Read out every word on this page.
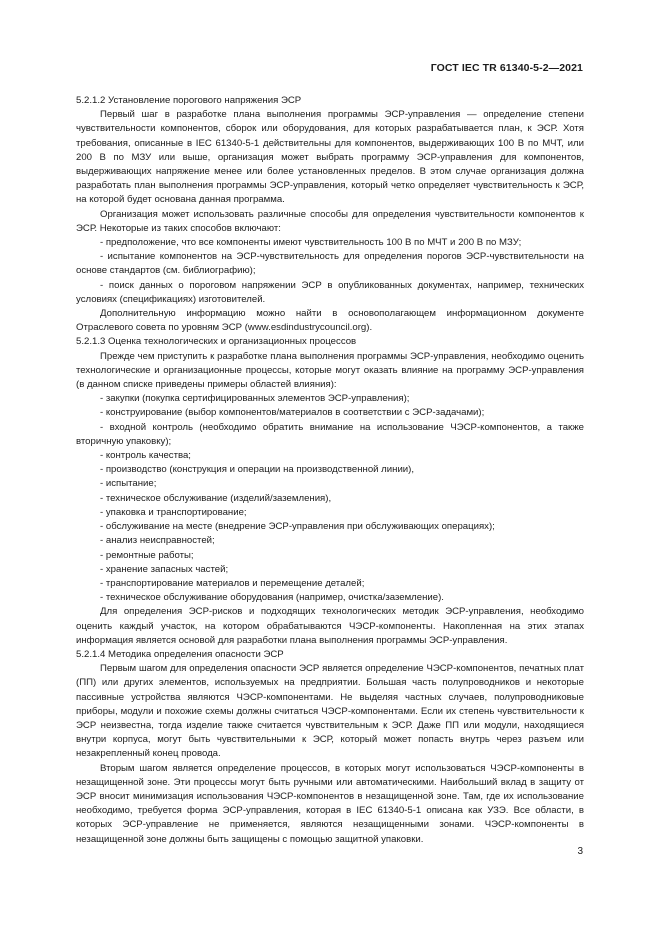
ГОСТ IEC TR 61340-5-2—2021

5.2.1.2 Установление порогового напряжения ЭСР

Первый шаг в разработке плана выполнения программы ЭСР-управления — определение степени чувствительности компонентов, сборок или оборудования, для которых разрабатывается план, к ЭСР. Хотя требования, описанные в IEC 61340-5-1 действительны для компонентов, выдерживающих 100 В по МЧТ, или 200 В по МЗУ или выше, организация может выбрать программу ЭСР-управления для компонентов, выдерживающих напряжение менее или более установленных пределов. В этом случае организация должна разработать план выполнения программы ЭСР-управления, который четко определяет чувствительность к ЭСР, на которой будет основана данная программа.

Организация может использовать различные способы для определения чувствительности компонентов к ЭСР. Некоторые из таких способов включают:

- предположение, что все компоненты имеют чувствительность 100 В по МЧТ и 200 В по МЗУ;

- испытание компонентов на ЭСР-чувствительность для определения порогов ЭСР-чувствительности на основе стандартов (см. библиографию);

- поиск данных о пороговом напряжении ЭСР в опубликованных документах, например, технических условиях (спецификациях) изготовителей.

Дополнительную информацию можно найти в основополагающем информационном документе Отраслевого совета по уровням ЭСР (www.esdindustrycouncil.org).

5.2.1.3 Оценка технологических и организационных процессов

Прежде чем приступить к разработке плана выполнения программы ЭСР-управления, необходимо оценить технологические и организационные процессы, которые могут оказать влияние на программу ЭСР-управления (в данном списке приведены примеры областей влияния):

- закупки (покупка сертифицированных элементов ЭСР-управления);

- конструирование (выбор компонентов/материалов в соответствии с ЭСР-задачами);

- входной контроль (необходимо обратить внимание на использование ЧЭСР-компонентов, а также вторичную упаковку);

- контроль качества;

- производство (конструкция и операции на производственной линии),

- испытание;

- техническое обслуживание (изделий/заземления),

- упаковка и транспортирование;

- обслуживание на месте (внедрение ЭСР-управления при обслуживающих операциях);

- анализ неисправностей;

- ремонтные работы;

- хранение запасных частей;

- транспортирование материалов и перемещение деталей;

- техническое обслуживание оборудования (например, очистка/заземление).

Для определения ЭСР-рисков и подходящих технологических методик ЭСР-управления, необходимо оценить каждый участок, на котором обрабатываются ЧЭСР-компоненты. Накопленная на этих этапах информация является основой для разработки плана выполнения программы ЭСР-управления.

5.2.1.4 Методика определения опасности ЭСР

Первым шагом для определения опасности ЭСР является определение ЧЭСР-компонентов, печатных плат (ПП) или других элементов, используемых на предприятии. Большая часть полупроводников и некоторые пассивные устройства являются ЧЭСР-компонентами. Не выделяя частных случаев, полупроводниковые приборы, модули и похожие схемы должны считаться ЧЭСР-компонентами. Если их степень чувствительности к ЭСР неизвестна, тогда изделие также считается чувствительным к ЭСР. Даже ПП или модули, находящиеся внутри корпуса, могут быть чувствительными к ЭСР, который может попасть внутрь через разъем или незакрепленный конец провода.

Вторым шагом является определение процессов, в которых могут использоваться ЧЭСР-компоненты в незащищенной зоне. Эти процессы могут быть ручными или автоматическими. Наибольший вклад в защиту от ЭСР вносит минимизация использования ЧЭСР-компонентов в незащищенной зоне. Там, где их использование необходимо, требуется форма ЭСР-управления, которая в IEC 61340-5-1 описана как УЗЭ. Все области, в которых ЭСР-управление не применяется, являются незащищенными зонами. ЧЭСР-компоненты в незащищенной зоне должны быть защищены с помощью защитной упаковки.

3
